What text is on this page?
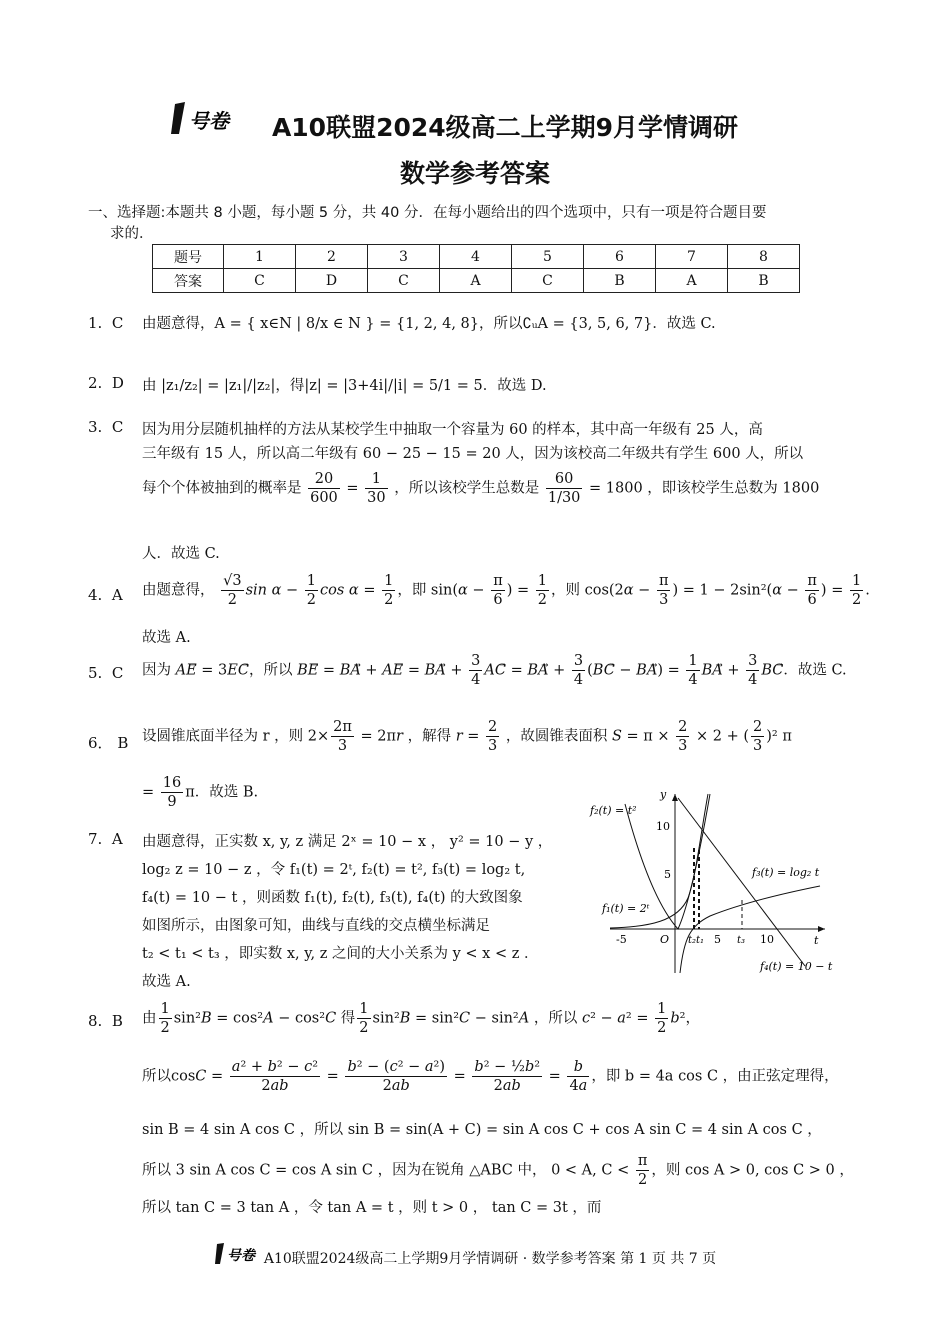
号卷	A10联盟2024级高二上学期9月学情调研
数学参考答案
一、选择题:本题共 8 小题，每小题 5 分，共 40 分．在每小题给出的四个选项中，只有一项是符合题目要
求的．
题号	1	2	3	4	5	6	7	8
答案	C	D	C	A	C	B	A	B
1. C 由题意得，A = { x∈N | 8/x ∈ N } = {1, 2, 4, 8}，所以∁ᵤA = {3, 5, 6, 7}．故选 C.
2. D 由 |z₁/z₂| = |z₁|/|z₂|，得|z| = |3+4i|/|i| = 5/1 = 5．故选 D.
3. C 因为用分层随机抽样的方法从某校学生中抽取一个容量为 60 的样本，其中高一年级有 25 人，高
三年级有 15 人，所以高二年级有 60 − 25 − 15 = 20 人，因为该校高二年级共有学生 600 人，所以
每个个体被抽到的概率是 $\frac{20}{600} = \frac{1}{30}$ ，所以该校学生总数是 $\frac{60}{1/30} = 1800$ ，即该校学生总数为 1800
人．故选 C.
4. A 由题意得， $\frac{√3}{2}$ $\sin \alpha - \frac{1}{2}$ $\cos \alpha = \frac{1}{2}$ ，即 $\sin(\alpha - \frac{\pi}{6}$ ) = $\frac{1}{2}$ ，则 $\cos(2\alpha - \frac{\pi}{3}$ ) = $1 - 2\sin^2(\alpha - \frac{\pi}{6}$ ) = $\frac{1}{2}$ .
故选 A.
5. C 因为 AE⃗ = 3EC，所以 BE⃗ = BA⃗ + AE⃗ = BA⃗ + $\frac{3}{4}$ AC⃗ = BA⃗ + $\frac{3}{4}$ (BC⃗ − BA⃗) = $\frac{1}{4}$ BA⃗ + $\frac{3}{4}$ BC．故选 C.
6． B 设圆锥底面半径为 r ，则 $2\times \frac{2\pi}{3} = 2\pi r$ ，解得 $r = \frac{2}{3}$ ，故圆锥表面积 $S = \pi \times \frac{2}{3} \times 2$ + ( $\frac{2}{3} )^2$ π
= $\frac{16}{9}$ π．故选 B.
7. A 由题意得，正实数 x, y, z 满足 2ˣ = 10 − x ， y² = 10 − y ，
log₂ z = 10 − z ，令 f₁(t) = 2ᵗ, f₂(t) = t², f₃(t) = log₂ t,
f₄(t) = 10 − t ，则函数 f₁(t), f₂(t), f₃(t), f₄(t) 的大致图象
如图所示，由图象可知，曲线与直线的交点横坐标满足
t₂ < t₁ < t₃ ，即实数 x, y, z 之间的大小关系为 y < x < z ．
故选 A.
f₂(t) = t²
f₁(t) = 2ᵗ
f₃(t) = log₂ t
f₄(t) = 10 − t
y
t
O
10
5
-5	5	10
t₂t₁	t₃
8. B 由 $\frac{1}{2} \sin^2B = \cos^2A - \cos^2C$ 得 $\frac{1}{2} \sin^2B = \sin^2C - \sin^2A$ ，所以 $c^2 - a^2 = \frac{1}{2} b^2$，
所以$\cos C = \frac{\text{a² + b² − c²}}{2ab} = \frac{\text{b² − (c² − a²)}}{2ab} = \frac{\text{b² − ½b²}}{2ab} = \frac{b}{4a}$ ，即 b = 4a cos C ，由正弦定理得，
sin B = 4 sin A cos C ，所以 sin B = sin(A + C) = sin A cos C + cos A sin C = 4 sin A cos C ，
所以 3 sin A cos C = cos A sin C ，因为在锐角 △ABC 中， 0 < A, $C < \frac{\pi}{2}$ ，则 cos A > 0, cos C > 0 ，
所以 tan C = 3 tan A ，令 tan A = t ，则 t > 0 ， tan C = 3t ，而
号卷 A10联盟2024级高二上学期9月学情调研 · 数学参考答案 第 1 页 共 7 页
